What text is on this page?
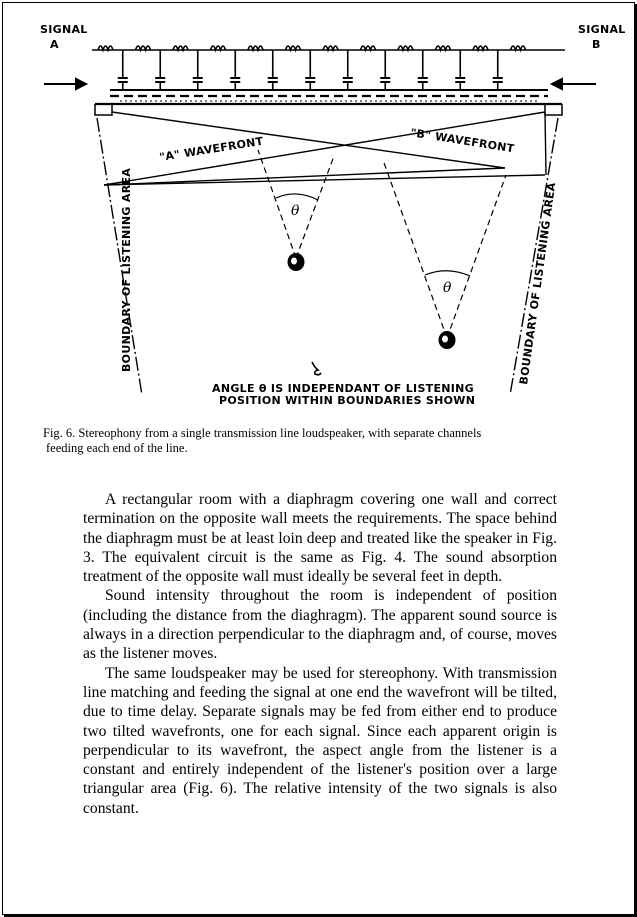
SIGNAL
A
SIGNAL
B
"A" WAVEFRONT	"B" WAVEFRONT
BOUNDARY OF LISTENING AREA	BOUNDARY OF LISTENING AREA
θ
θ
ANGLE θ IS INDEPENDANT OF LISTENING
POSITION WITHIN BOUNDARIES SHOWN
Fig. 6. Stereophony from a single transmission line loudspeaker, with separate channels
feeding each end of the line.

A rectangular room with a diaphragm covering one wall and correct termination on the opposite wall meets the requirements. The space behind the diaphragm must be at least loin deep and treated like the speaker in Fig. 3. The equivalent circuit is the same as Fig. 4. The sound absorption treatment of the opposite wall must ideally be several feet in depth.

Sound intensity throughout the room is independent of position (including the distance from the diaghragm). The apparent sound source is always in a direction perpendicular to the diaphragm and, of course, moves as the listener moves.

The same loudspeaker may be used for stereophony. With transmission line matching and feeding the signal at one end the wavefront will be tilted, due to time delay. Separate signals may be fed from either end to produce two tilted wavefronts, one for each signal. Since each apparent origin is perpendicular to its wavefront, the aspect angle from the listener is a constant and entirely independent of the listener's position over a large triangular area (Fig. 6). The relative intensity of the two signals is also constant.
